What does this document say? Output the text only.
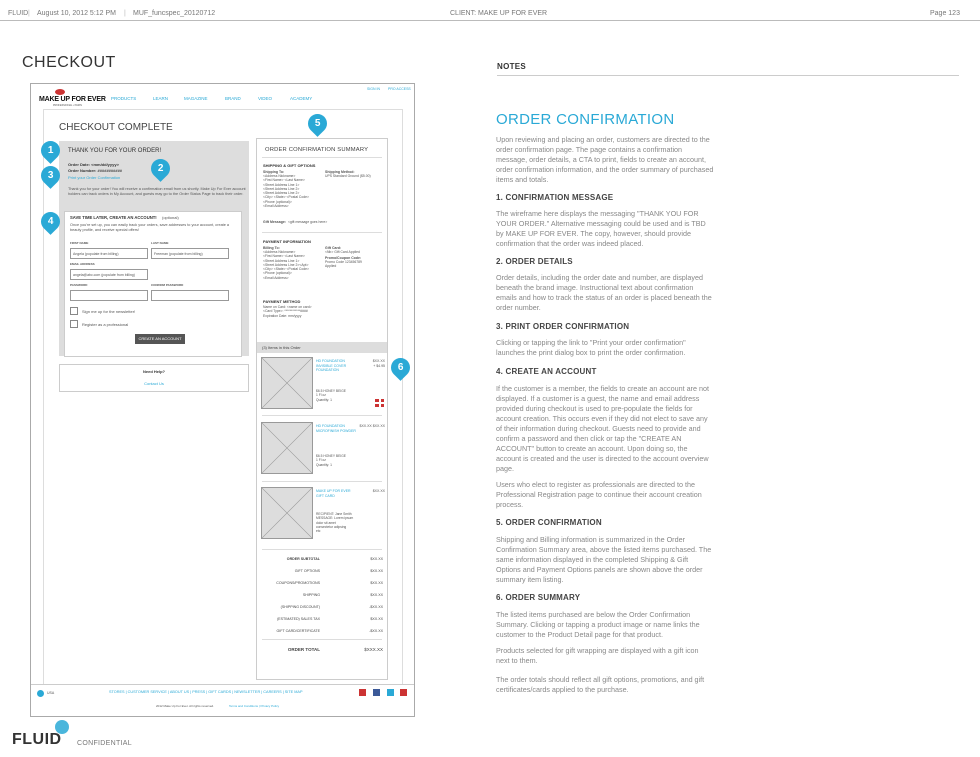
FLUID | August 10, 2012 5:12 PM | MUF_funcspec_20120712	CLIENT: MAKE UP FOR EVER	Page 123
CHECKOUT
SIGN IN PRO ACCESS
MAKE UP FOR EVER
PROFESSIONAL • PARIS
PRODUCTS	LEARN	MAGAZINE	BRAND	VIDEO	ACADEMY
CHECKOUT COMPLETE
THANK YOU FOR YOUR ORDER!
Order Date: <mm/dd/yyyy>
Order Number: ###########
Print your Order Confirmation
Thank you for your order! You will receive a confirmation email from us shortly. Make Up For Ever account holders can track orders in My Account, and guests may go to the Order Status Page to track their order.
SAVE TIME LATER, CREATE AN ACCOUNT! (optional)
Once you're set up, you can easily track your orders, save addresses to your account, create a beauty profile, and receive special offers!
FIRST NAME
Angela (populate from billing)
LAST NAME
Freeman (populate from billing)
EMAIL ADDRESS
angela@abc.com (populate from billing)
PASSWORD	CONFIRM PASSWORD
Sign me up for the newsletter!
Register as a professional
CREATE AN ACCOUNT
Need Help?
Contact Us
ORDER CONFIRMATION SUMMARY
SHIPPING & GIFT OPTIONS
Shipping To:
<Address Nickname>
<First Name> <Last Name>
<Street Address Line 1>
<Street Address Line 2>
<Street Address Line 2>
<City> <State> <Postal Code>
<Phone (optional)>
<Email Address>
Shipping Method:
UPS Standard Ground ($5.00)
Gift Message: <gift message goes here>
PAYMENT INFORMATION
Billing To:
<Address Nickname>
<First Name> <Last Name>
<Street Address Line 1>
<Street Address Line 2><Apt>
<City> <State> <Postal Code>
<Phone (optional)>
<Email Address>
Gift Card:
<Nb> Gift Card Applied
Promo/Coupon Code:
Promo Code 123456789
Applied
PAYMENT METHOD
Name on Card: <name on card>
<Card Type>: ************####
Expiration Date: mm/yyyy
(3) Items in this Order
HD FOUNDATION INVISIBLE COVER FOUNDATION
$6.5 HONEY BEIGE
1 Fl oz
Quantity: 1
$XX.XX
+ $4.95
HD FOUNDATION MICROFINISH POWDER
$6.5 HONEY BEIGE
1 Fl oz
Quantity: 1
$XX.XX $XX.XX
MAKE UP FOR EVER GIFT CARD
RECIPIENT: Jane Smith
MESSAGE: Lorem ipsum
dolor sit amet
consectetur adipsing
etc
$XX.XX
ORDER SUBTOTAL	$XX.XX
GIFT OPTIONS	$XX.XX
COUPONS/PROMOTIONS	$XX.XX
SHIPPING	$XX.XX
(SHIPPING DISCOUNT)	-$XX.XX
(ESTIMATED) SALES TAX	$XX.XX
GIFT CARD/CERTIFICATE	-$XX.XX
ORDER TOTAL	$XXX.XX
1
2
3
4
5
6
USA	STORES | CUSTOMER SERVICE | ABOUT US | PRESS | GIFT CARDS | NEWSLETTER | CAREERS | SITE MAP
2012 Make Up For Ever. All rights reserved.	Terms and Conditions | Privacy Policy
NOTES
ORDER CONFIRMATION
Upon reviewing and placing an order, customers are directed to the order confirmation page. The page contains a confirmation message, order details, a CTA to print, fields to create an account, order confirmation information, and the order summary of purchased items and totals.
1. CONFIRMATION MESSAGE
The wireframe here displays the messaging "THANK YOU FOR YOUR ORDER." Alternative messaging could be used and is TBD by MAKE UP FOR EVER. The copy, however, should provide confirmation that the order was indeed placed.
2. ORDER DETAILS
Order details, including the order date and number, are displayed beneath the brand image. Instructional text about confirmation emails and how to track the status of an order is placed beneath the order number.
3. PRINT ORDER CONFIRMATION
Clicking or tapping the link to "Print your order confirmation" launches the print dialog box to print the order confirmation.
4. CREATE AN ACCOUNT
If the customer is a member, the fields to create an account are not displayed. If a customer is a guest, the name and email address provided during checkout is used to pre-populate the fields for account creation. This occurs even if they did not elect to save any of their information during checkout. Guests need to provide and confirm a password and then click or tap the "CREATE AN ACCOUNT" button to create an account. Upon doing so, the account is created and the user is directed to the account overview page.
Users who elect to register as professionals are directed to the Professional Registration page to continue their account creation process.
5. ORDER CONFIRMATION
Shipping and Billing information is summarized in the Order Confirmation Summary area, above the listed items purchased. The same information displayed in the completed Shipping & Gift Options and Payment Options panels are shown above the order summary item listing.
6. ORDER SUMMARY
The listed items purchased are below the Order Confirmation Summary. Clicking or tapping a product image or name links the customer to the Product Detail page for that product.
Products selected for gift wrapping are displayed with a gift icon next to them.
The order totals should reflect all gift options, promotions, and gift certificates/cards applied to the purchase.
FLUID CONFIDENTIAL
